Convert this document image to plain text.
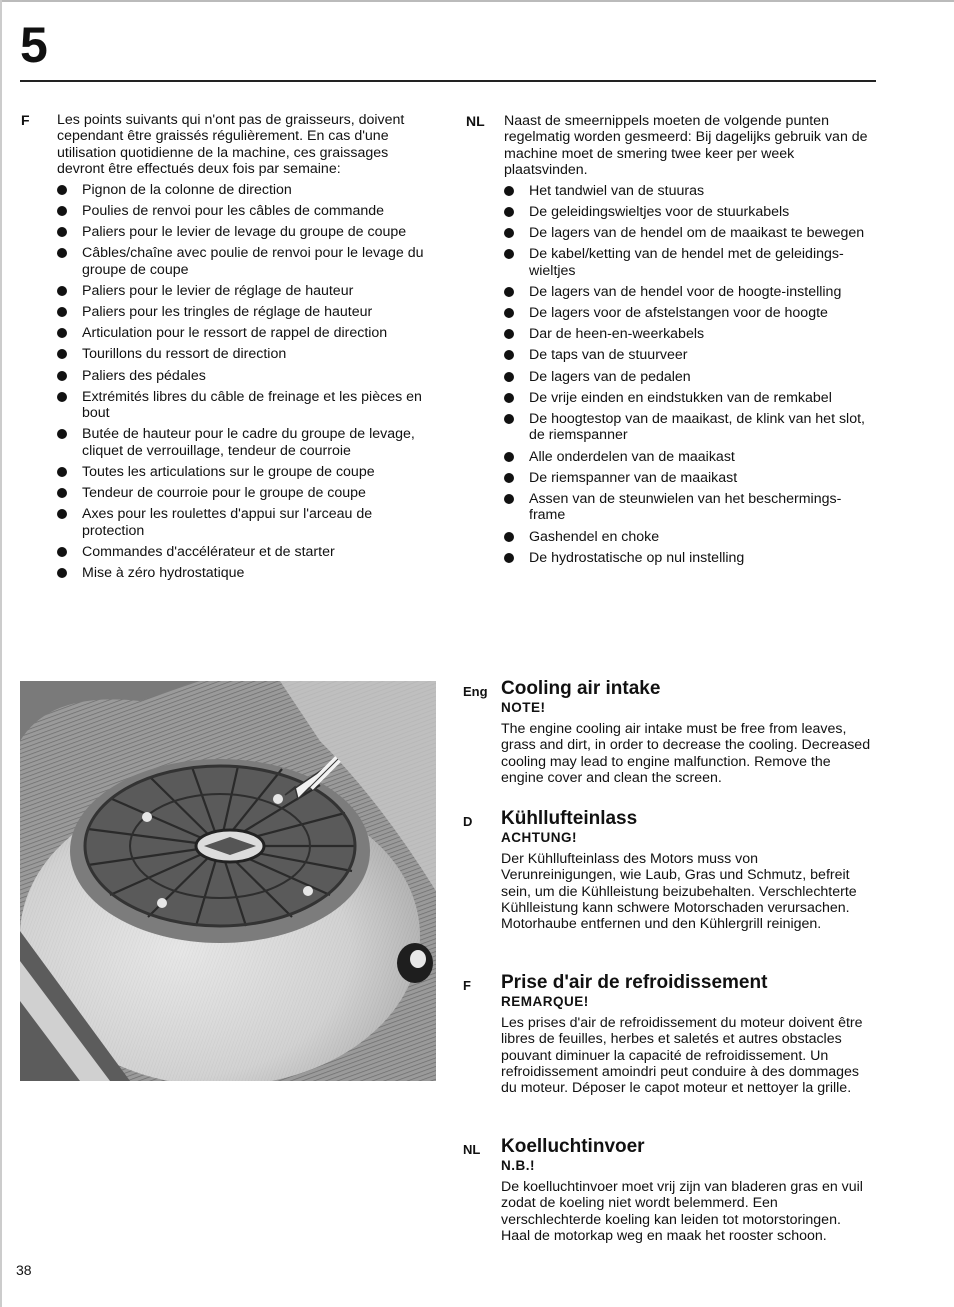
5
F Les points suivants qui n'ont pas de graisseurs, doivent cependant être graissés régulièrement. En cas d'une utilisation quotidienne de la machine, ces graissages devront être effectués deux fois par semaine:

Pignon de la colonne de direction
Poulies de renvoi pour les câbles de commande
Paliers pour le levier de levage du groupe de coupe
Câbles/chaîne avec poulie de renvoi pour le levage du groupe de coupe
Paliers pour le levier de réglage de hauteur
Paliers pour les tringles de réglage de hauteur
Articulation pour le ressort de rappel de direction
Tourillons du ressort de direction
Paliers des pédales
Extrémités libres du câble de freinage et les pièces en bout
Butée de hauteur pour le cadre du groupe de levage, cliquet de verrouillage, tendeur de courroie
Toutes les articulations sur le groupe de coupe
Tendeur de courroie pour le groupe de coupe
Axes pour les roulettes d'appui sur l'arceau de protection
Commandes d'accélérateur et de starter
Mise à zéro hydrostatique
NL Naast de smeernippels moeten de volgende punten regelmatig worden gesmeerd: Bij dagelijks gebruik van de machine moet de smering twee keer per week plaatsvinden.

Het tandwiel van de stuuras
De geleidingswieltjes voor de stuurkabels
De lagers van de hendel om de maaikast te bewegen
De kabel/ketting van de hendel met de geleidings-wieltjes
De lagers van de hendel voor de hoogte-instelling
De lagers voor de afstelstangen voor de hoogte
Dar de heen-en-weerkabels
De taps van de stuurveer
De lagers van de pedalen
De vrije einden en eindstukken van de remkabel
De hoogtestop van de maaikast, de klink van het slot, de riemspanner
Alle onderdelen van de maaikast
De riemspanner van de maaikast
Assen van de steunwielen van het beschermings-frame
Gashendel en choke
De hydrostatische op nul instelling
Eng Cooling air intake
NOTE!

The engine cooling air intake must be free from leaves, grass and dirt, in order to decrease the cooling. Decreased cooling may lead to engine malfunction. Remove the engine cover and clean the screen.

D Kühllufteinlass
ACHTUNG!

Der Kühllufteinlass des Motors muss von Verunreinigungen, wie Laub, Gras und Schmutz, befreit sein, um die Kühlleistung beizubehalten. Verschlechterte Kühlleistung kann schwere Motorschaden verursachen. Motorhaube entfernen und den Kühlergrill reinigen.

F Prise d'air de refroidissement
REMARQUE!

Les prises d'air de refroidissement du moteur doivent être libres de feuilles, herbes et saletés et autres obstacles pouvant diminuer la capacité de refroidissement. Un refroidissement amoindri peut conduire à des dommages du moteur. Déposer le capot moteur et nettoyer la grille.

NL Koelluchtinvoer
N.B.!

De koelluchtinvoer moet vrij zijn van bladeren gras en vuil zodat de koeling niet wordt belemmerd. Een verschlechterde koeling kan leiden tot motorstoringen. Haal de motorkap weg en maak het rooster schoon.

38
